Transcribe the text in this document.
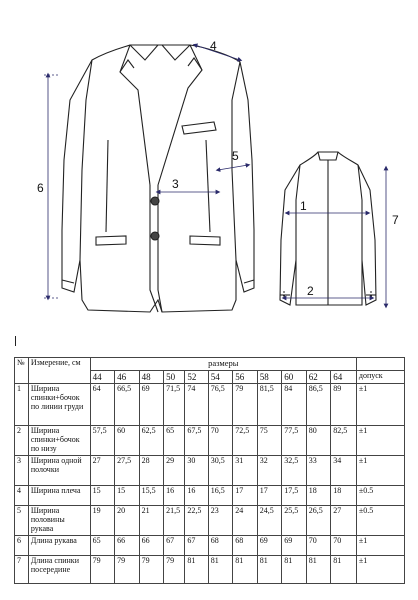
6
4
3
5
1
2
7
№	Измерение, см	размеры											
		44	46	48	50	52	54	56	58	60	62	64	допуск
1	Ширина спинки+бочок по линии груди	64	66,5	69	71,5	74	76,5	79	81,5	84	86,5	89	±1
2	Ширина спинки+бочок по низу	57,5	60	62,5	65	67,5	70	72,5	75	77,5	80	82,5	±1
3	Ширина одной полочки	27	27,5	28	29	30	30,5	31	32	32,5	33	34	±1
4	Ширина плеча	15	15	15,5	16	16	16,5	17	17	17,5	18	18	±0.5
5	Ширина половины рукава	19	20	21	21,5	22,5	23	24	24,5	25,5	26,5	27	±0.5
6	Длина рукава	65	66	66	67	67	68	68	69	69	70	70	±1
7	Длина спинки посередине	79	79	79	79	81	81	81	81	81	81	81	±1
